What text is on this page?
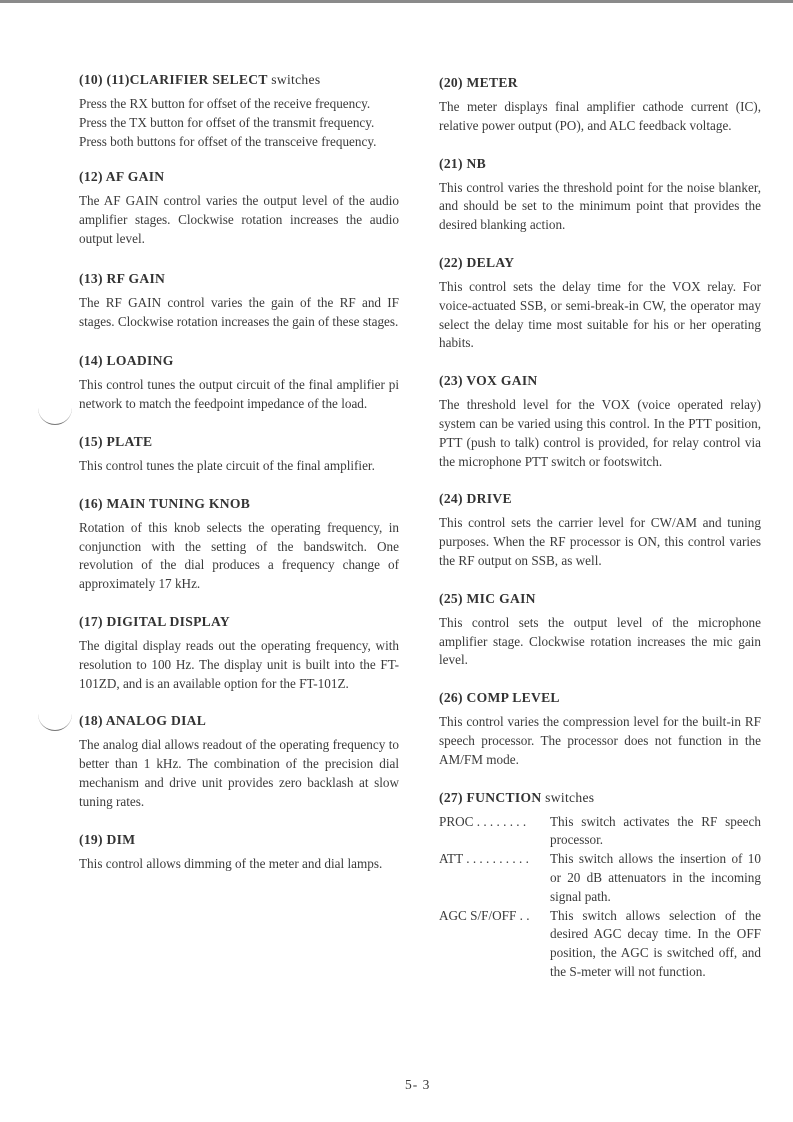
(10) (11)CLARIFIER SELECT switches

Press the RX button for offset of the receive frequency.

Press the TX button for offset of the transmit frequency.

Press both buttons for offset of the transceive frequency.

(12) AF GAIN

The AF GAIN control varies the output level of the audio amplifier stages. Clockwise rotation increases the audio output level.

(13) RF GAIN

The RF GAIN control varies the gain of the RF and IF stages. Clockwise rotation increases the gain of these stages.

(14) LOADING

This control tunes the output circuit of the final amplifier pi network to match the feedpoint impedance of the load.

(15) PLATE

This control tunes the plate circuit of the final amplifier.

(16) MAIN TUNING KNOB

Rotation of this knob selects the operating frequency, in conjunction with the setting of the bandswitch. One revolution of the dial produces a frequency change of approximately 17 kHz.

(17) DIGITAL DISPLAY

The digital display reads out the operating frequency, with resolution to 100 Hz. The display unit is built into the FT-101ZD, and is an available option for the FT-101Z.

(18) ANALOG DIAL

The analog dial allows readout of the operating frequency to better than 1 kHz. The combination of the precision dial mechanism and drive unit provides zero backlash at slow tuning rates.

(19) DIM

This control allows dimming of the meter and dial lamps.

(20) METER

The meter displays final amplifier cathode current (IC), relative power output (PO), and ALC feedback voltage.

(21) NB

This control varies the threshold point for the noise blanker, and should be set to the minimum point that provides the desired blanking action.

(22) DELAY

This control sets the delay time for the VOX relay. For voice-actuated SSB, or semi-break-in CW, the operator may select the delay time most suitable for his or her operating habits.

(23) VOX GAIN

The threshold level for the VOX (voice operated relay) system can be varied using this control. In the PTT position, PTT (push to talk) control is provided, for relay control via the microphone PTT switch or footswitch.

(24) DRIVE

This control sets the carrier level for CW/AM and tuning purposes. When the RF processor is ON, this control varies the RF output on SSB, as well.

(25) MIC GAIN

This control sets the output level of the microphone amplifier stage. Clockwise rotation increases the mic gain level.

(26) COMP LEVEL

This control varies the compression level for the built-in RF speech processor. The processor does not function in the AM/FM mode.

(27) FUNCTION switches
PROC . . . . . . . .	This switch activates the RF speech processor.
ATT . . . . . . . . . .	This switch allows the insertion of 10 or 20 dB attenuators in the incoming signal path.
AGC S/F/OFF . .	This switch allows selection of the desired AGC decay time. In the OFF position, the AGC is switched off, and the S-meter will not function.
5- 3
